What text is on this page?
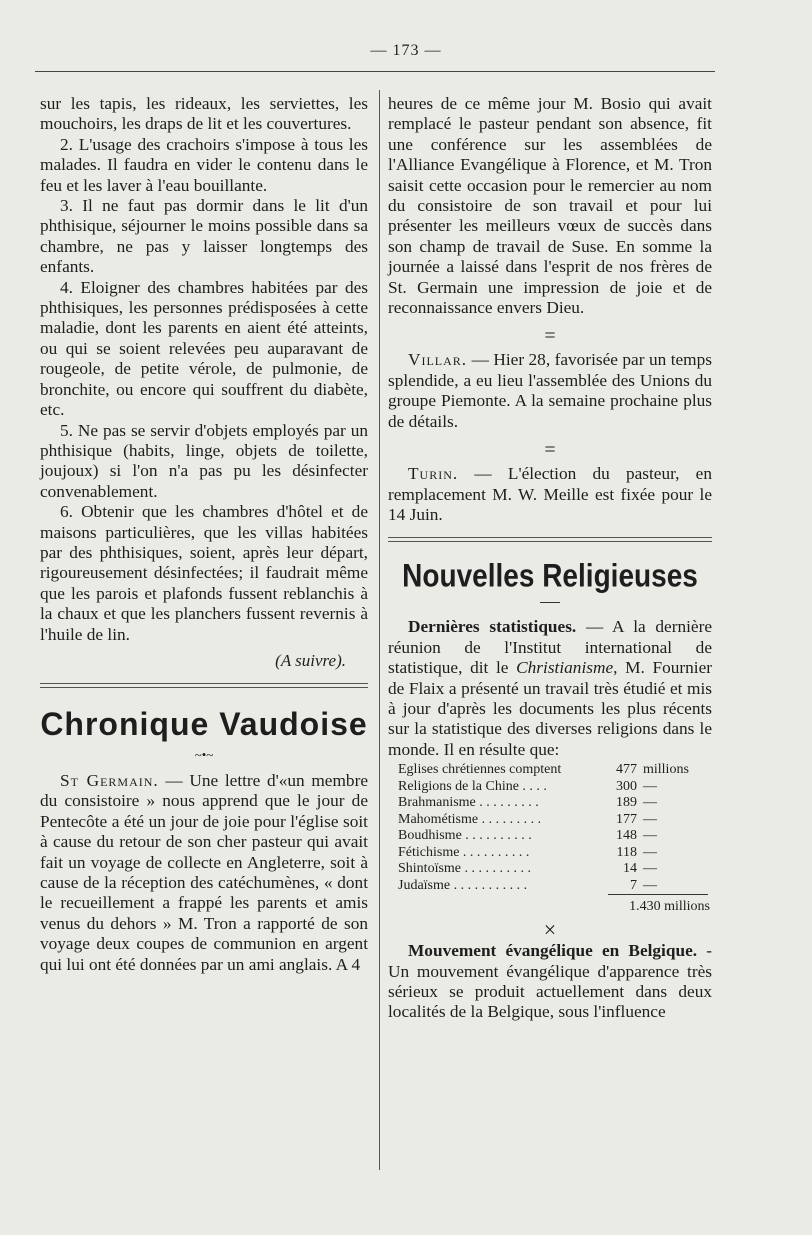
— 173 —

sur les tapis, les rideaux, les serviettes, les mouchoirs, les draps de lit et les couvertures.

2. L'usage des crachoirs s'impose à tous les malades. Il faudra en vider le contenu dans le feu et les laver à l'eau bouillante.

3. Il ne faut pas dormir dans le lit d'un phthisique, séjourner le moins possible dans sa chambre, ne pas y laisser longtemps des enfants.

4. Eloigner des chambres habitées par des phthisiques, les personnes prédisposées à cette maladie, dont les parents en aient été atteints, ou qui se soient relevées peu auparavant de rougeole, de petite vérole, de pulmonie, de bronchite, ou encore qui souffrent du diabète, etc.

5. Ne pas se servir d'objets employés par un phthisique (habits, linge, objets de toilette, joujoux) si l'on n'a pas pu les désinfecter convenablement.

6. Obtenir que les chambres d'hôtel et de maisons particulières, que les villas habitées par des phthisiques, soient, après leur départ, rigoureusement désinfectées; il faudrait même que les parois et plafonds fussent reblanchis à la chaux et que les planchers fussent revernis à l'huile de lin.

(A suivre).
Chronique Vaudoise
~•~

St Germain. — Une lettre d'«un membre du consistoire » nous apprend que le jour de Pentecôte a été un jour de joie pour l'église soit à cause du retour de son cher pasteur qui avait fait un voyage de collecte en Angleterre, soit à cause de la réception des catéchumènes, « dont le recueillement a frappé les parents et amis venus du dehors » M. Tron a rapporté de son voyage deux coupes de communion en argent qui lui ont été données par un ami anglais. A 4

heures de ce même jour M. Bosio qui avait remplacé le pasteur pendant son absence, fit une conférence sur les assemblées de l'Alliance Evangélique à Florence, et M. Tron saisit cette occasion pour le remercier au nom du consistoire de son travail et pour lui présenter les meilleurs vœux de succès dans son champ de travail de Suse. En somme la journée a laissé dans l'esprit de nos frères de St. Germain une impression de joie et de reconnaissance envers Dieu.

=

Villar. — Hier 28, favorisée par un temps splendide, a eu lieu l'assemblée des Unions du groupe Piemonte. A la semaine prochaine plus de détails.

=

Turin. — L'élection du pasteur, en remplacement M. W. Meille est fixée pour le 14 Juin.

Nouvelles Religieuses

Dernières statistiques. — A la dernière réunion de l'Institut international de statistique, dit le Christianisme, M. Fournier de Flaix a présenté un travail très étudié et mis à jour d'après les documents les plus récents sur la statistique des diverses religions dans le monde. Il en résulte que:

Eglises chrétiennes comptent	477	millions
Religions de la Chine . . . .	300	—
Brahmanisme . . . . . . . . .	189	—
Mahométisme . . . . . . . . .	177	—
Boudhisme . . . . . . . . . .	148	—
Fétichisme . . . . . . . . . .	118	—
Shintoïsme . . . . . . . . . .	14	—
Judaïsme . . . . . . . . . . .	7	—
1.430 millions
×

Mouvement évangélique en Belgique. - Un mouvement évangélique d'apparence très sérieux se produit actuellement dans deux localités de la Belgique, sous l'influence
